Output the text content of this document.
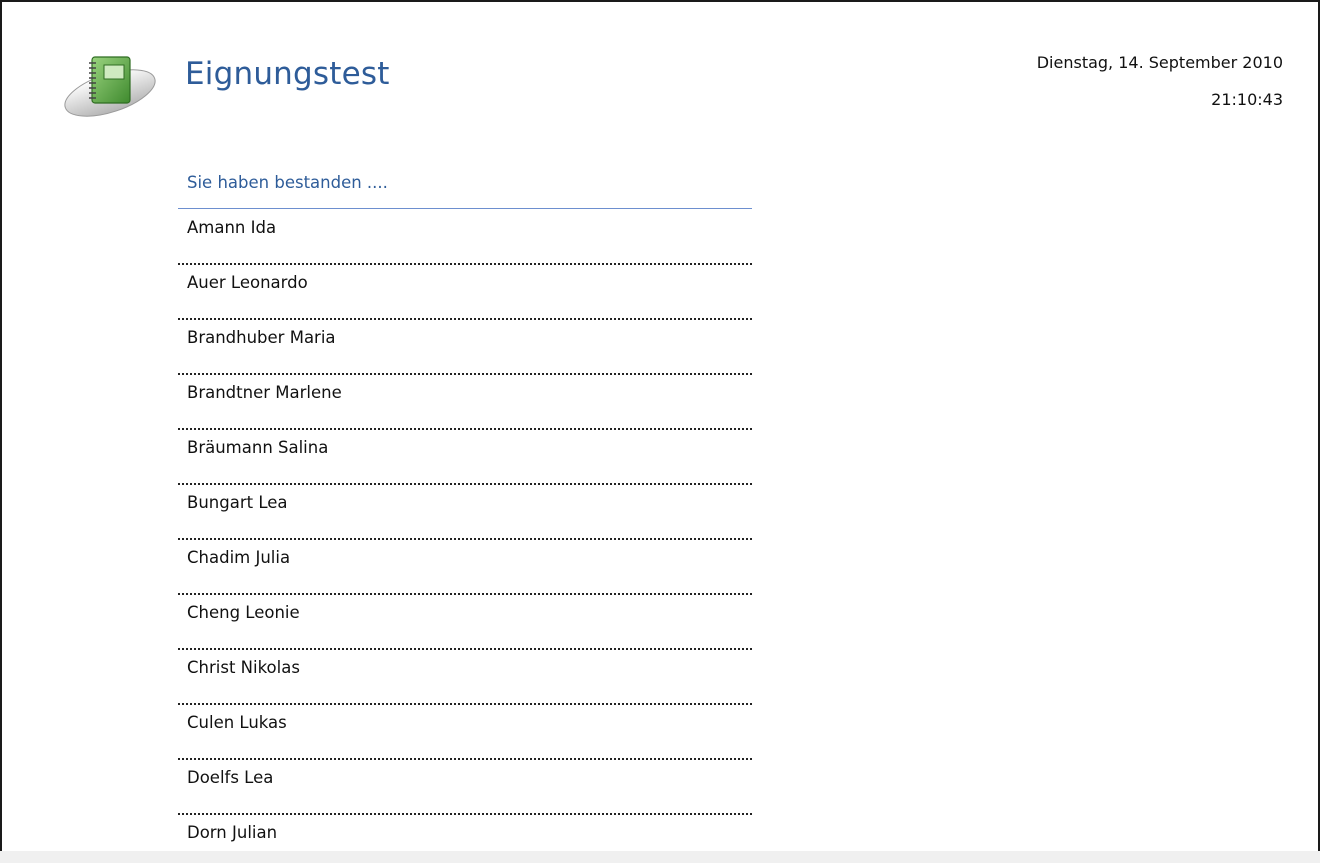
Eignungstest	Dienstag, 14. September 2010
21:10:43
Sie haben bestanden ....
Amann Ida
Auer Leonardo
Brandhuber Maria
Brandtner Marlene
Bräumann Salina
Bungart Lea
Chadim Julia
Cheng Leonie
Christ Nikolas
Culen Lukas
Doelfs Lea
Dorn Julian
